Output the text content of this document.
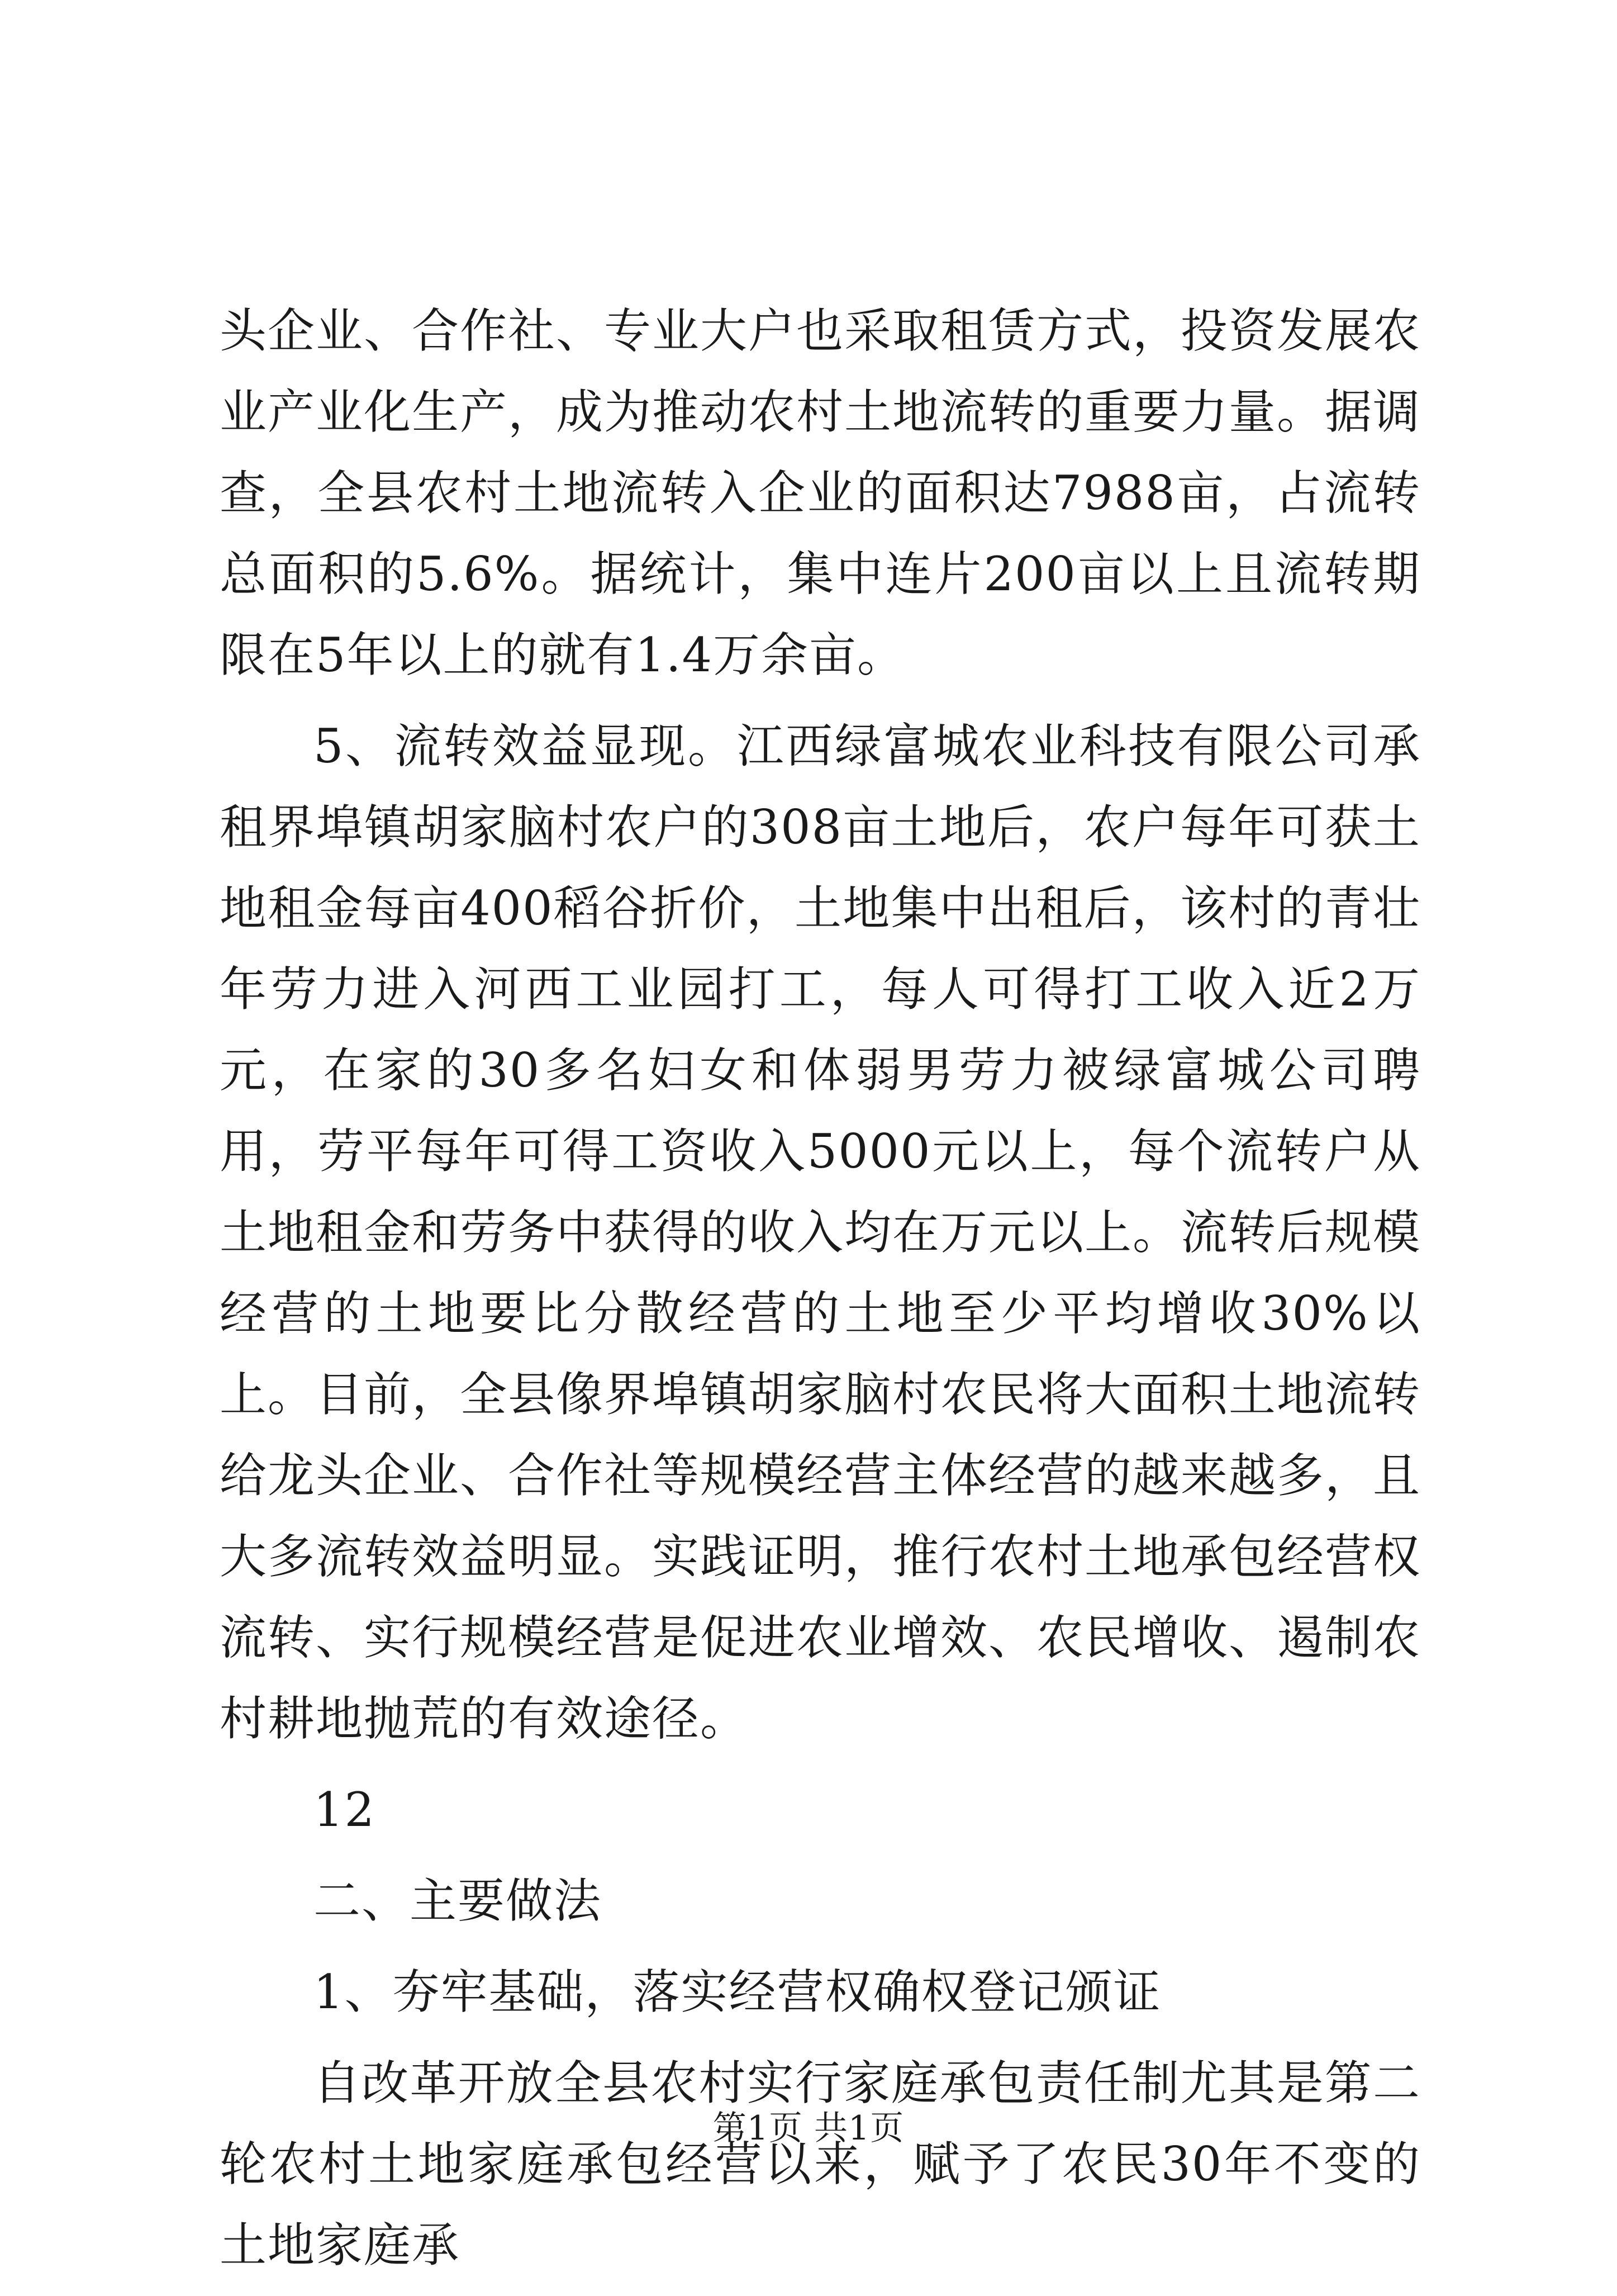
头企业、合作社、专业大户也采取租赁方式，投资发展农业产业化生产，成为推动农村土地流转的重要力量。据调查，全县农村土地流转入企业的面积达7988亩，占流转总面积的5.6%。据统计，集中连片200亩以上且流转期限在5年以上的就有1.4万余亩。

5、流转效益显现。江西绿富城农业科技有限公司承租界埠镇胡家脑村农户的308亩土地后，农户每年可获土地租金每亩400稻谷折价，土地集中出租后，该村的青壮年劳力进入河西工业园打工，每人可得打工收入近2万元，在家的30多名妇女和体弱男劳力被绿富城公司聘用，劳平每年可得工资收入5000元以上，每个流转户从土地租金和劳务中获得的收入均在万元以上。流转后规模经营的土地要比分散经营的土地至少平均增收30%以上。目前，全县像界埠镇胡家脑村农民将大面积土地流转给龙头企业、合作社等规模经营主体经营的越来越多，且大多流转效益明显。实践证明，推行农村土地承包经营权流转、实行规模经营是促进农业增效、农民增收、遏制农村耕地抛荒的有效途径。

12

二、主要做法

1、夯牢基础，落实经营权确权登记颁证

自改革开放全县农村实行家庭承包责任制尤其是第二轮农村土地家庭承包经营以来，赋予了农民30年不变的土地家庭承

第1页 共1页
